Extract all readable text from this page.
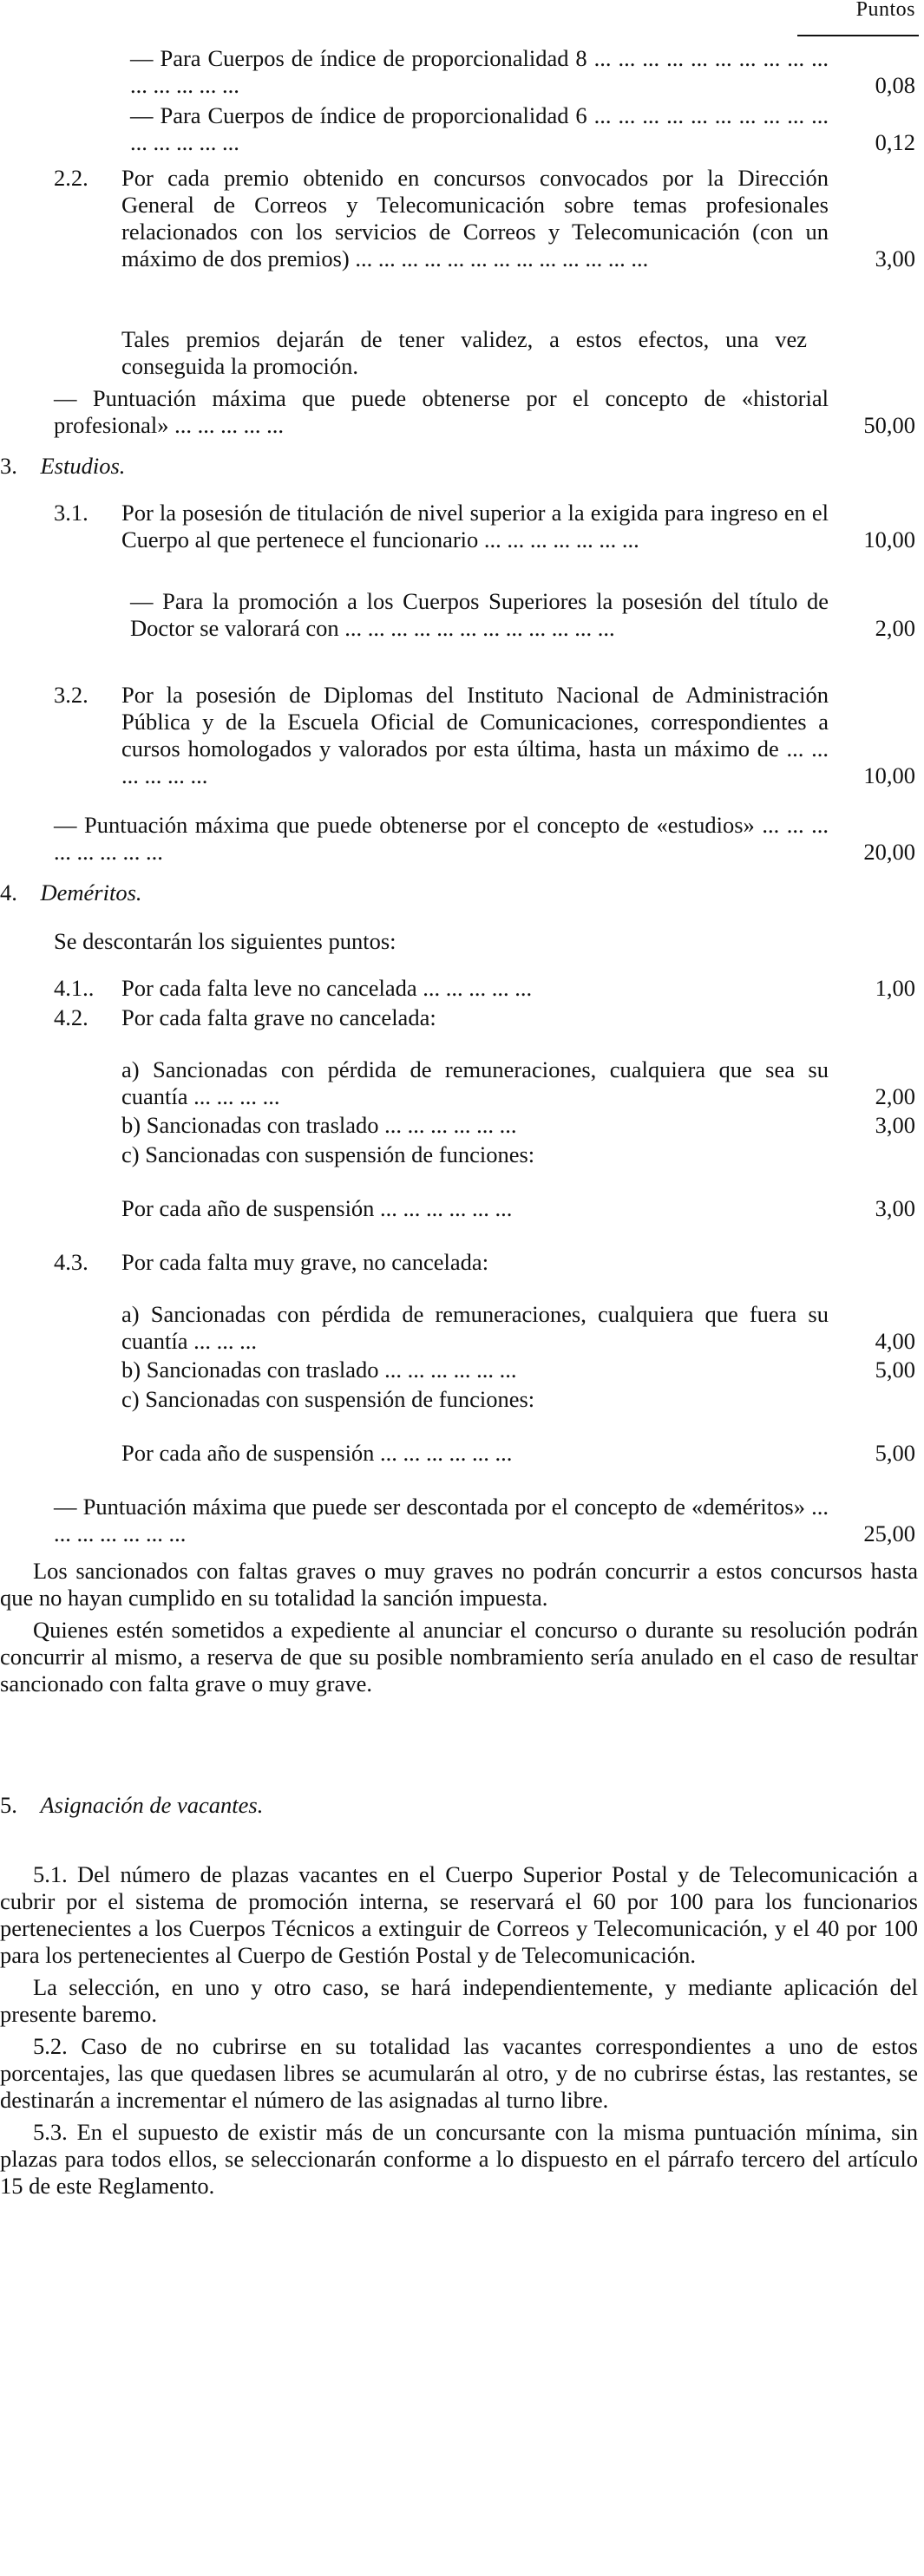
Puntos
— Para Cuerpos de índice de proporcionalidad 8 ... ... ... ... ... ... ... ... ... ... ... ... ... ... ...	0,08
— Para Cuerpos de índice de proporcionalidad 6 ... ... ... ... ... ... ... ... ... ... ... ... ... ... ...	0,12
2.2. Por cada premio obtenido en concursos convocados por la Dirección General de Correos y Telecomunicación sobre temas profesionales relacionados con los servicios de Correos y Telecomunicación (con un máximo de dos premios) ... ... ... ... ... ... ... ... ... ... ... ... ...	3,00
Tales premios dejarán de tener validez, a estos efectos, una vez conseguida la promoción.
— Puntuación máxima que puede obtenerse por el concepto de «historial profesional» ... ... ... ... ...	50,00
3. Estudios.
3.1. Por la posesión de titulación de nivel superior a la exigida para ingreso en el Cuerpo al que pertenece el funcionario ... ... ... ... ... ... ...	10,00
— Para la promoción a los Cuerpos Superiores la posesión del título de Doctor se valorará con ... ... ... ... ... ... ... ... ... ... ... ...	2,00
3.2. Por la posesión de Diplomas del Instituto Nacional de Administración Pública y de la Escuela Oficial de Comunicaciones, correspondientes a cursos homologados y valorados por esta última, hasta un máximo de ... ... ... ... ... ...	10,00
— Puntuación máxima que puede obtenerse por el concepto de «estudios» ... ... ... ... ... ... ... ...	20,00
4. Deméritos.
Se descontarán los siguientes puntos:
4.1.. Por cada falta leve no cancelada ... ... ... ... ...	1,00
4.2. Por cada falta grave no cancelada:
a) Sancionadas con pérdida de remuneraciones, cualquiera que sea su cuantía ... ... ... ...	2,00
b) Sancionadas con traslado ... ... ... ... ... ...	3,00
c) Sancionadas con suspensión de funciones:
Por cada año de suspensión ... ... ... ... ... ...	3,00
4.3. Por cada falta muy grave, no cancelada:
a) Sancionadas con pérdida de remuneraciones, cualquiera que fuera su cuantía ... ... ...	4,00
b) Sancionadas con traslado ... ... ... ... ... ...	5,00
c) Sancionadas con suspensión de funciones:
Por cada año de suspensión ... ... ... ... ... ...	5,00
— Puntuación máxima que puede ser descontada por el concepto de «deméritos» ... ... ... ... ... ... ...	25,00

Los sancionados con faltas graves o muy graves no podrán concurrir a estos concursos hasta que no hayan cumplido en su totalidad la sanción impuesta.

Quienes estén sometidos a expediente al anunciar el concurso o durante su resolución podrán concurrir al mismo, a reserva de que su posible nombramiento sería anulado en el caso de resultar sancionado con falta grave o muy grave.

5. Asignación de vacantes.

5.1. Del número de plazas vacantes en el Cuerpo Superior Postal y de Telecomunicación a cubrir por el sistema de promoción interna, se reservará el 60 por 100 para los funcionarios pertenecientes a los Cuerpos Técnicos a extinguir de Correos y Telecomunicación, y el 40 por 100 para los pertenecientes al Cuerpo de Gestión Postal y de Telecomunicación.

La selección, en uno y otro caso, se hará independientemente, y mediante aplicación del presente baremo.

5.2. Caso de no cubrirse en su totalidad las vacantes correspondientes a uno de estos porcentajes, las que quedasen libres se acumularán al otro, y de no cubrirse éstas, las restantes, se destinarán a incrementar el número de las asignadas al turno libre.

5.3. En el supuesto de existir más de un concursante con la misma puntuación mínima, sin plazas para todos ellos, se seleccionarán conforme a lo dispuesto en el párrafo tercero del artículo 15 de este Reglamento.
